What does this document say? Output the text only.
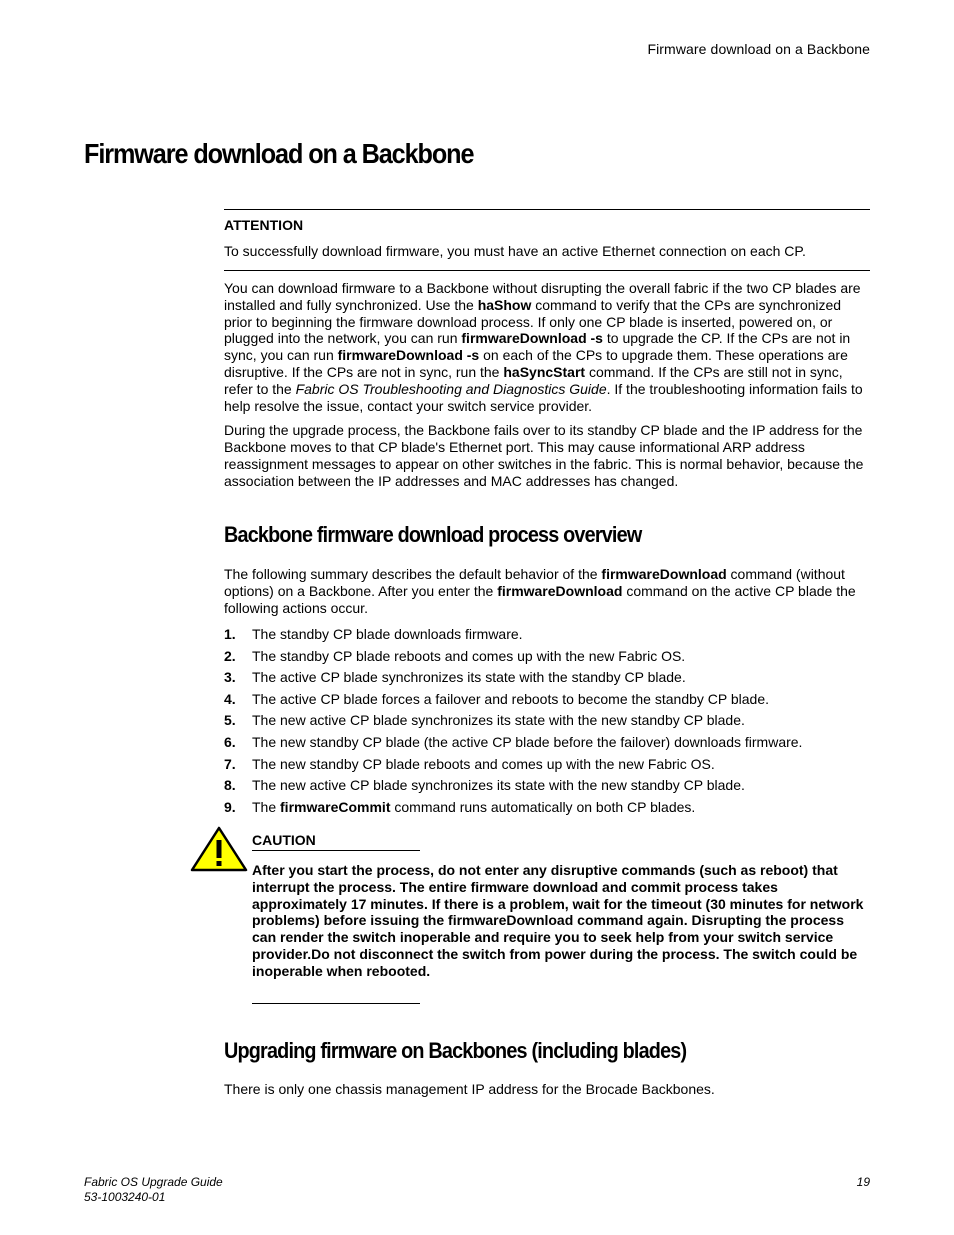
Firmware download on a Backbone
Firmware download on a Backbone
ATTENTION
To successfully download firmware, you must have an active Ethernet connection on each CP.

You can download firmware to a Backbone without disrupting the overall fabric if the two CP blades are installed and fully synchronized. Use the haShow command to verify that the CPs are synchronized prior to beginning the firmware download process. If only one CP blade is inserted, powered on, or plugged into the network, you can run firmwareDownload -s to upgrade the CP. If the CPs are not in sync, you can run firmwareDownload -s on each of the CPs to upgrade them. These operations are disruptive. If the CPs are not in sync, run the haSyncStart command. If the CPs are still not in sync, refer to the Fabric OS Troubleshooting and Diagnostics Guide. If the troubleshooting information fails to help resolve the issue, contact your switch service provider.

During the upgrade process, the Backbone fails over to its standby CP blade and the IP address for the Backbone moves to that CP blade's Ethernet port. This may cause informational ARP address reassignment messages to appear on other switches in the fabric. This is normal behavior, because the association between the IP addresses and MAC addresses has changed.

Backbone firmware download process overview

The following summary describes the default behavior of the firmwareDownload command (without options) on a Backbone. After you enter the firmwareDownload command on the active CP blade the following actions occur.

1. The standby CP blade downloads firmware.
2. The standby CP blade reboots and comes up with the new Fabric OS.
3. The active CP blade synchronizes its state with the standby CP blade.
4. The active CP blade forces a failover and reboots to become the standby CP blade.
5. The new active CP blade synchronizes its state with the new standby CP blade.
6. The new standby CP blade (the active CP blade before the failover) downloads firmware.
7. The new standby CP blade reboots and comes up with the new Fabric OS.
8. The new active CP blade synchronizes its state with the new standby CP blade.
9. The firmwareCommit command runs automatically on both CP blades.
CAUTION

After you start the process, do not enter any disruptive commands (such as reboot) that interrupt the process. The entire firmware download and commit process takes approximately 17 minutes. If there is a problem, wait for the timeout (30 minutes for network problems) before issuing the firmwareDownload command again. Disrupting the process can render the switch inoperable and require you to seek help from your switch service provider.Do not disconnect the switch from power during the process. The switch could be inoperable when rebooted.

Upgrading firmware on Backbones (including blades)

There is only one chassis management IP address for the Brocade Backbones.

Fabric OS Upgrade Guide
53-1003240-01
19
